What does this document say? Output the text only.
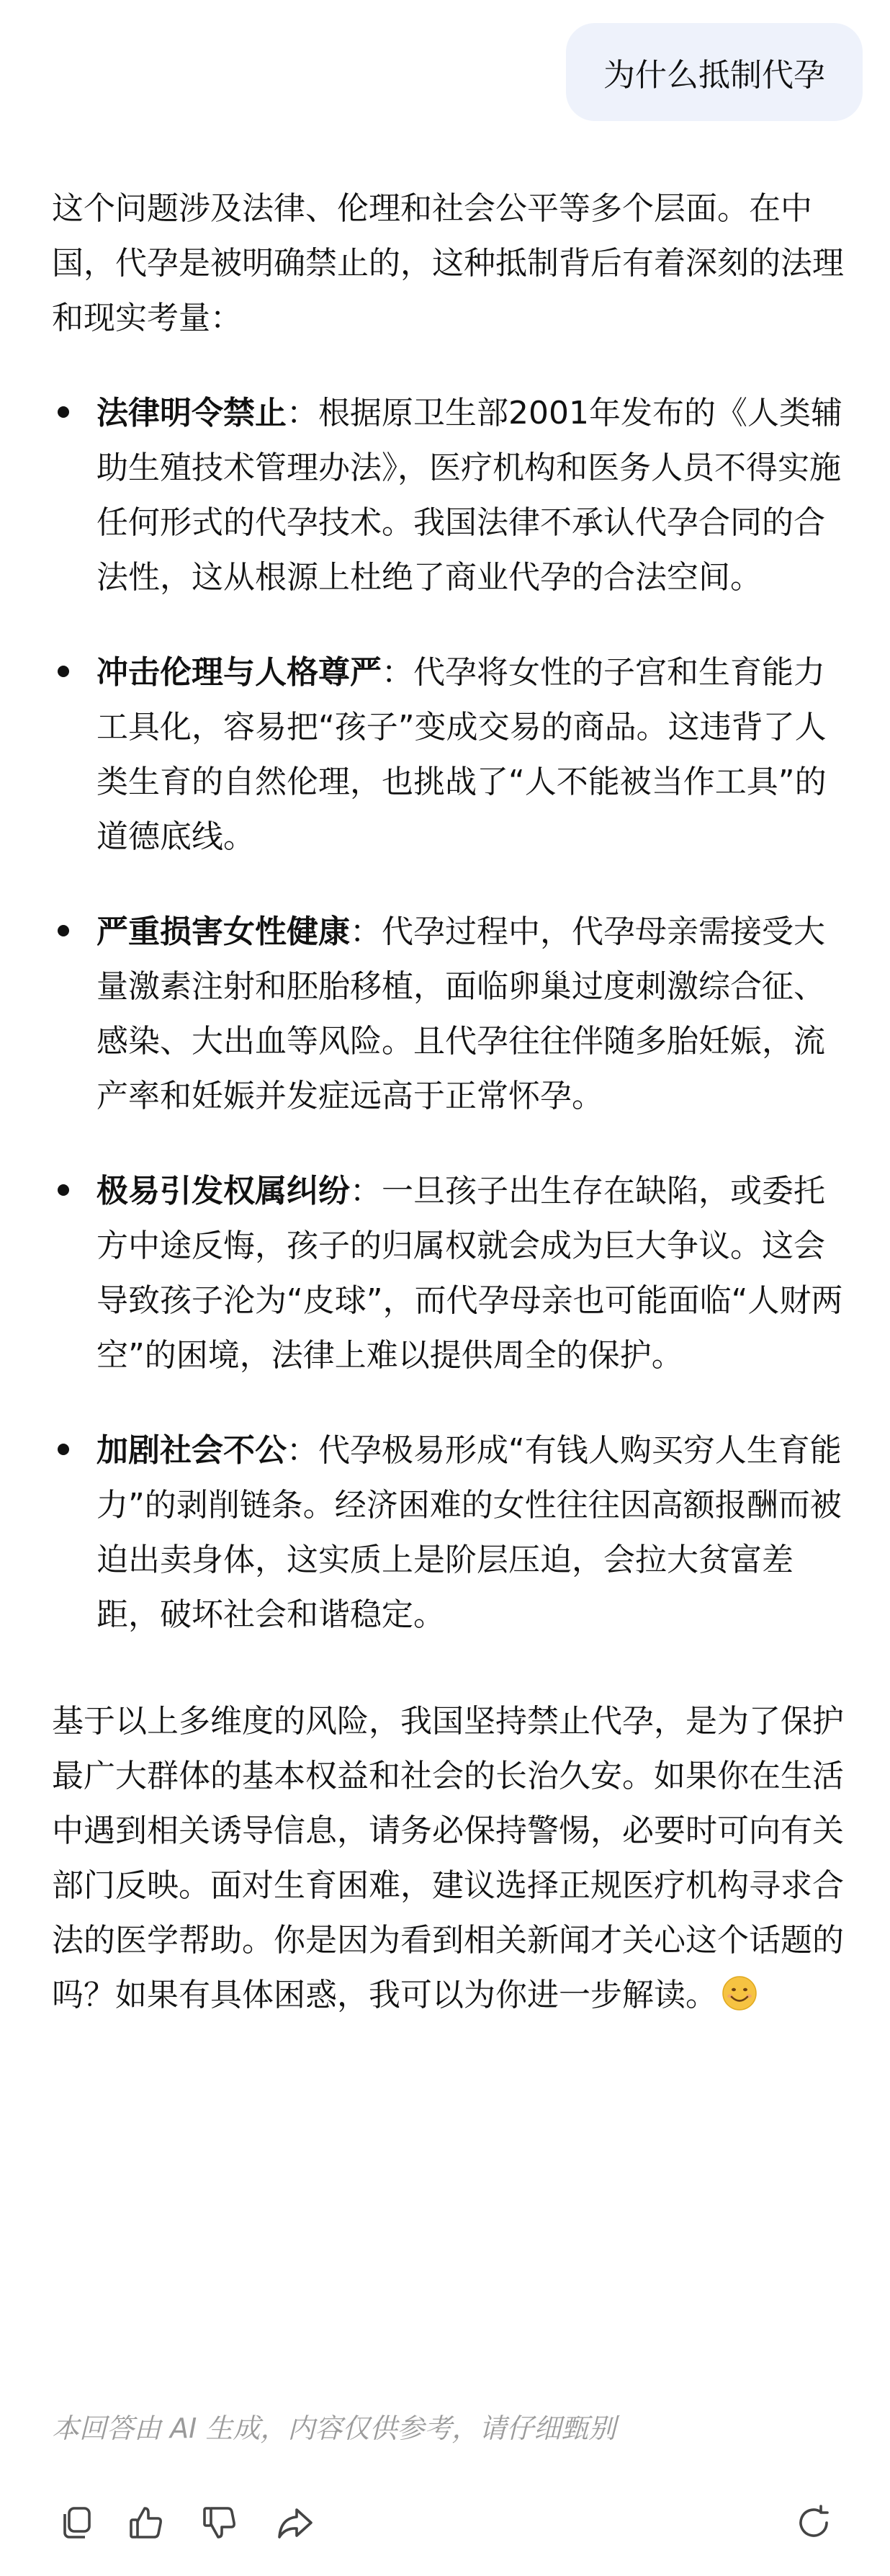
为什么抵制代孕

这个问题涉及法律、伦理和社会公平等多个层面。在中国，代孕是被明确禁止的，这种抵制背后有着深刻的法理和现实考量：

法律明令禁止：根据原卫生部2001年发布的《人类辅助生殖技术管理办法》，医疗机构和医务人员不得实施任何形式的代孕技术。我国法律不承认代孕合同的合法性，这从根源上杜绝了商业代孕的合法空间。
冲击伦理与人格尊严：代孕将女性的子宫和生育能力工具化，容易把“孩子”变成交易的商品。这违背了人类生育的自然伦理，也挑战了“人不能被当作工具”的道德底线。
严重损害女性健康：代孕过程中，代孕母亲需接受大量激素注射和胚胎移植，面临卵巢过度刺激综合征、感染、大出血等风险。且代孕往往伴随多胎妊娠，流产率和妊娠并发症远高于正常怀孕。
极易引发权属纠纷：一旦孩子出生存在缺陷，或委托方中途反悔，孩子的归属权就会成为巨大争议。这会导致孩子沦为“皮球”，而代孕母亲也可能面临“人财两空”的困境，法律上难以提供周全的保护。
加剧社会不公：代孕极易形成“有钱人购买穷人生育能力”的剥削链条。经济困难的女性往往因高额报酬而被迫出卖身体，这实质上是阶层压迫，会拉大贫富差距，破坏社会和谐稳定。

基于以上多维度的风险，我国坚持禁止代孕，是为了保护最广大群体的基本权益和社会的长治久安。如果你在生活中遇到相关诱导信息，请务必保持警惕，必要时可向有关部门反映。面对生育困难，建议选择正规医疗机构寻求合法的医学帮助。你是因为看到相关新闻才关心这个话题的吗？如果有具体困惑，我可以为你进一步解读。

本回答由 AI 生成，内容仅供参考，请仔细甄别
